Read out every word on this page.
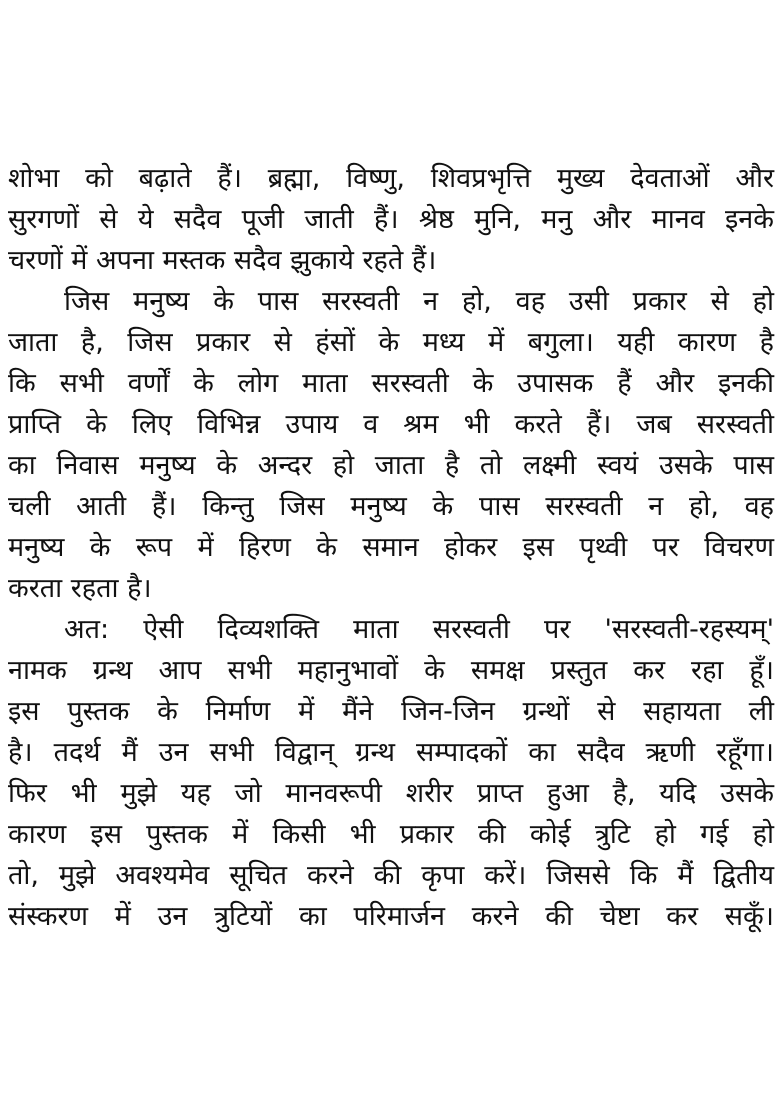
शोभा को बढ़ाते हैं। ब्रह्मा, विष्णु, शिवप्रभृत्ति मुख्य देवताओं और
सुरगणों से ये सदैव पूजी जाती हैं। श्रेष्ठ मुनि, मनु और मानव इनके
चरणों में अपना मस्तक सदैव झुकाये रहते हैं।
जिस मनुष्य के पास सरस्वती न हो, वह उसी प्रकार से हो
जाता है, जिस प्रकार से हंसों के मध्य में बगुला। यही कारण है
कि सभी वर्णों के लोग माता सरस्वती के उपासक हैं और इनकी
प्राप्ति के लिए विभिन्न उपाय व श्रम भी करते हैं। जब सरस्वती
का निवास मनुष्य के अन्दर हो जाता है तो लक्ष्मी स्वयं उसके पास
चली आती हैं। किन्तु जिस मनुष्य के पास सरस्वती न हो, वह
मनुष्य के रूप में हिरण के समान होकर इस पृथ्वी पर विचरण
करता रहता है।
अत: ऐसी दिव्यशक्ति माता सरस्वती पर 'सरस्वती-रहस्यम्'
नामक ग्रन्थ आप सभी महानुभावों के समक्ष प्रस्तुत कर रहा हूँ।
इस पुस्तक के निर्माण में मैंने जिन-जिन ग्रन्थों से सहायता ली
है। तदर्थ मैं उन सभी विद्वान् ग्रन्थ सम्पादकों का सदैव ऋणी रहूँगा।
फिर भी मुझे यह जो मानवरूपी शरीर प्राप्त हुआ है, यदि उसके
कारण इस पुस्तक में किसी भी प्रकार की कोई त्रुटि हो गई हो
तो, मुझे अवश्यमेव सूचित करने की कृपा करें। जिससे कि मैं द्वितीय
संस्करण में उन त्रुटियों का परिमार्जन करने की चेष्टा कर सकूँ।
